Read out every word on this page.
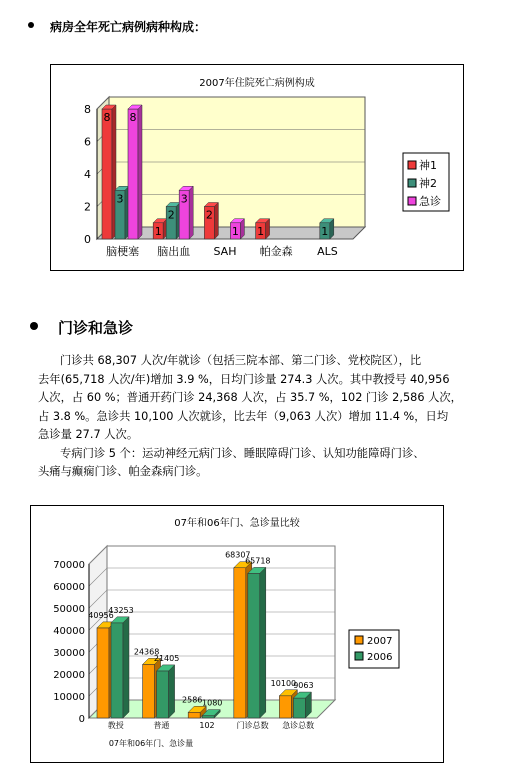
病房全年死亡病例病种构成：
2007年住院死亡病例构成
0
2
4
6
8
脑梗塞
8
3
8
脑出血
1
2
3
SAH
2
1
帕金森
1
ALS
1
神1
神2
急诊
门诊和急诊
门诊共 68,307 人次/年就诊（包括三院本部、第二门诊、党校院区），比
去年(65,718 人次/年)增加 3.9 %，日均门诊量 274.3 人次。其中教授号 40,956
人次，占 60 %；普通开药门诊 24,368 人次，占 35.7 %，102 门诊 2,586 人次，
占 3.8 %。急诊共 10,100 人次就诊，比去年（9,063 人次）增加 11.4 %，日均
急诊量 27.7 人次。
专病门诊 5 个：运动神经元病门诊、睡眠障碍门诊、认知功能障碍门诊、
头痛与癫痫门诊、帕金森病门诊。
07年和06年门、急诊量比较
0
10000
20000
30000
40000
50000
60000
70000
教授
40956
43253
普通
24368
21405
102
2586 1080
门诊总数
68307
65718
急诊总数
10100
9063
07年和06年门、急诊量
2007
2006
